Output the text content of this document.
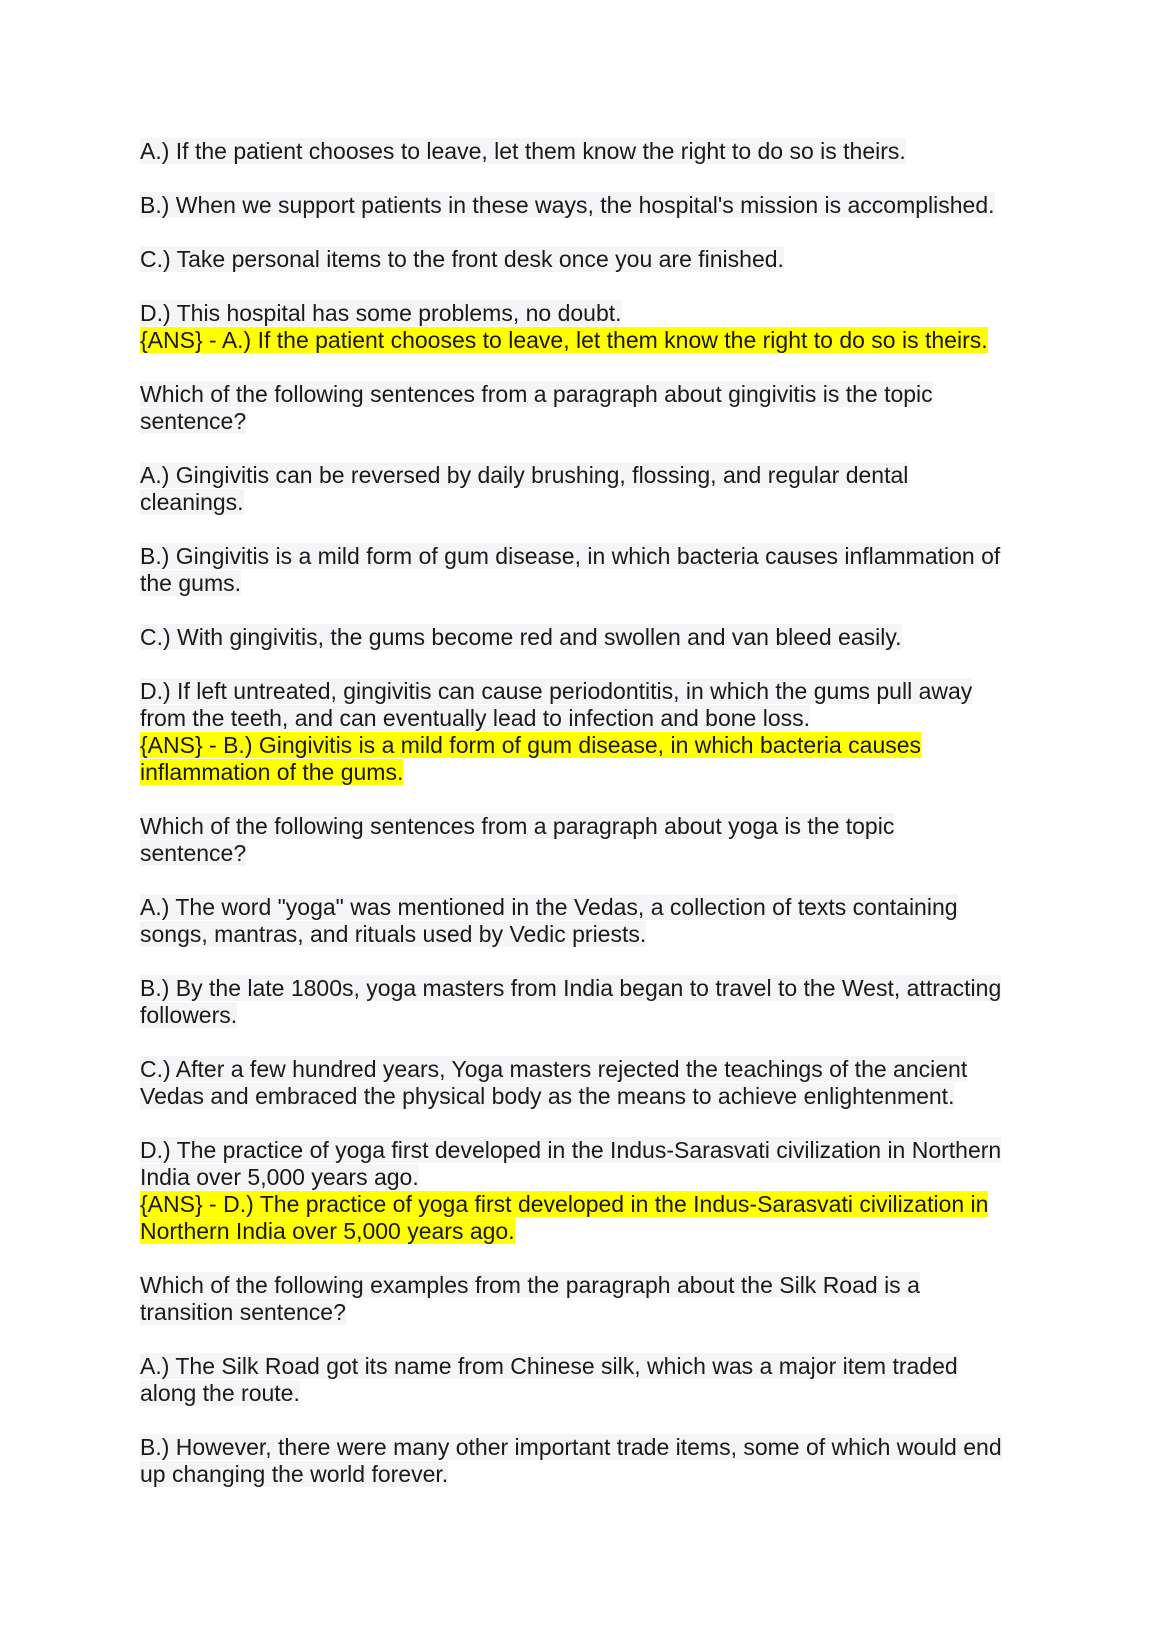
A.) If the patient chooses to leave, let them know the right to do so is theirs.
B.) When we support patients in these ways, the hospital's mission is accomplished.
C.) Take personal items to the front desk once you are finished.
D.) This hospital has some problems, no doubt.
{ANS} - A.) If the patient chooses to leave, let them know the right to do so is theirs.
Which of the following sentences from a paragraph about gingivitis is the topic
sentence?
A.) Gingivitis can be reversed by daily brushing, flossing, and regular dental
cleanings.
B.) Gingivitis is a mild form of gum disease, in which bacteria causes inflammation of
the gums.
C.) With gingivitis, the gums become red and swollen and van bleed easily.
D.) If left untreated, gingivitis can cause periodontitis, in which the gums pull away
from the teeth, and can eventually lead to infection and bone loss.
{ANS} - B.) Gingivitis is a mild form of gum disease, in which bacteria causes
inflammation of the gums.
Which of the following sentences from a paragraph about yoga is the topic
sentence?
A.) The word "yoga" was mentioned in the Vedas, a collection of texts containing
songs, mantras, and rituals used by Vedic priests.
B.) By the late 1800s, yoga masters from India began to travel to the West, attracting
followers.
C.) After a few hundred years, Yoga masters rejected the teachings of the ancient
Vedas and embraced the physical body as the means to achieve enlightenment.
D.) The practice of yoga first developed in the Indus-Sarasvati civilization in Northern
India over 5,000 years ago.
{ANS} - D.) The practice of yoga first developed in the Indus-Sarasvati civilization in
Northern India over 5,000 years ago.
Which of the following examples from the paragraph about the Silk Road is a
transition sentence?
A.) The Silk Road got its name from Chinese silk, which was a major item traded
along the route.
B.) However, there were many other important trade items, some of which would end
up changing the world forever.
